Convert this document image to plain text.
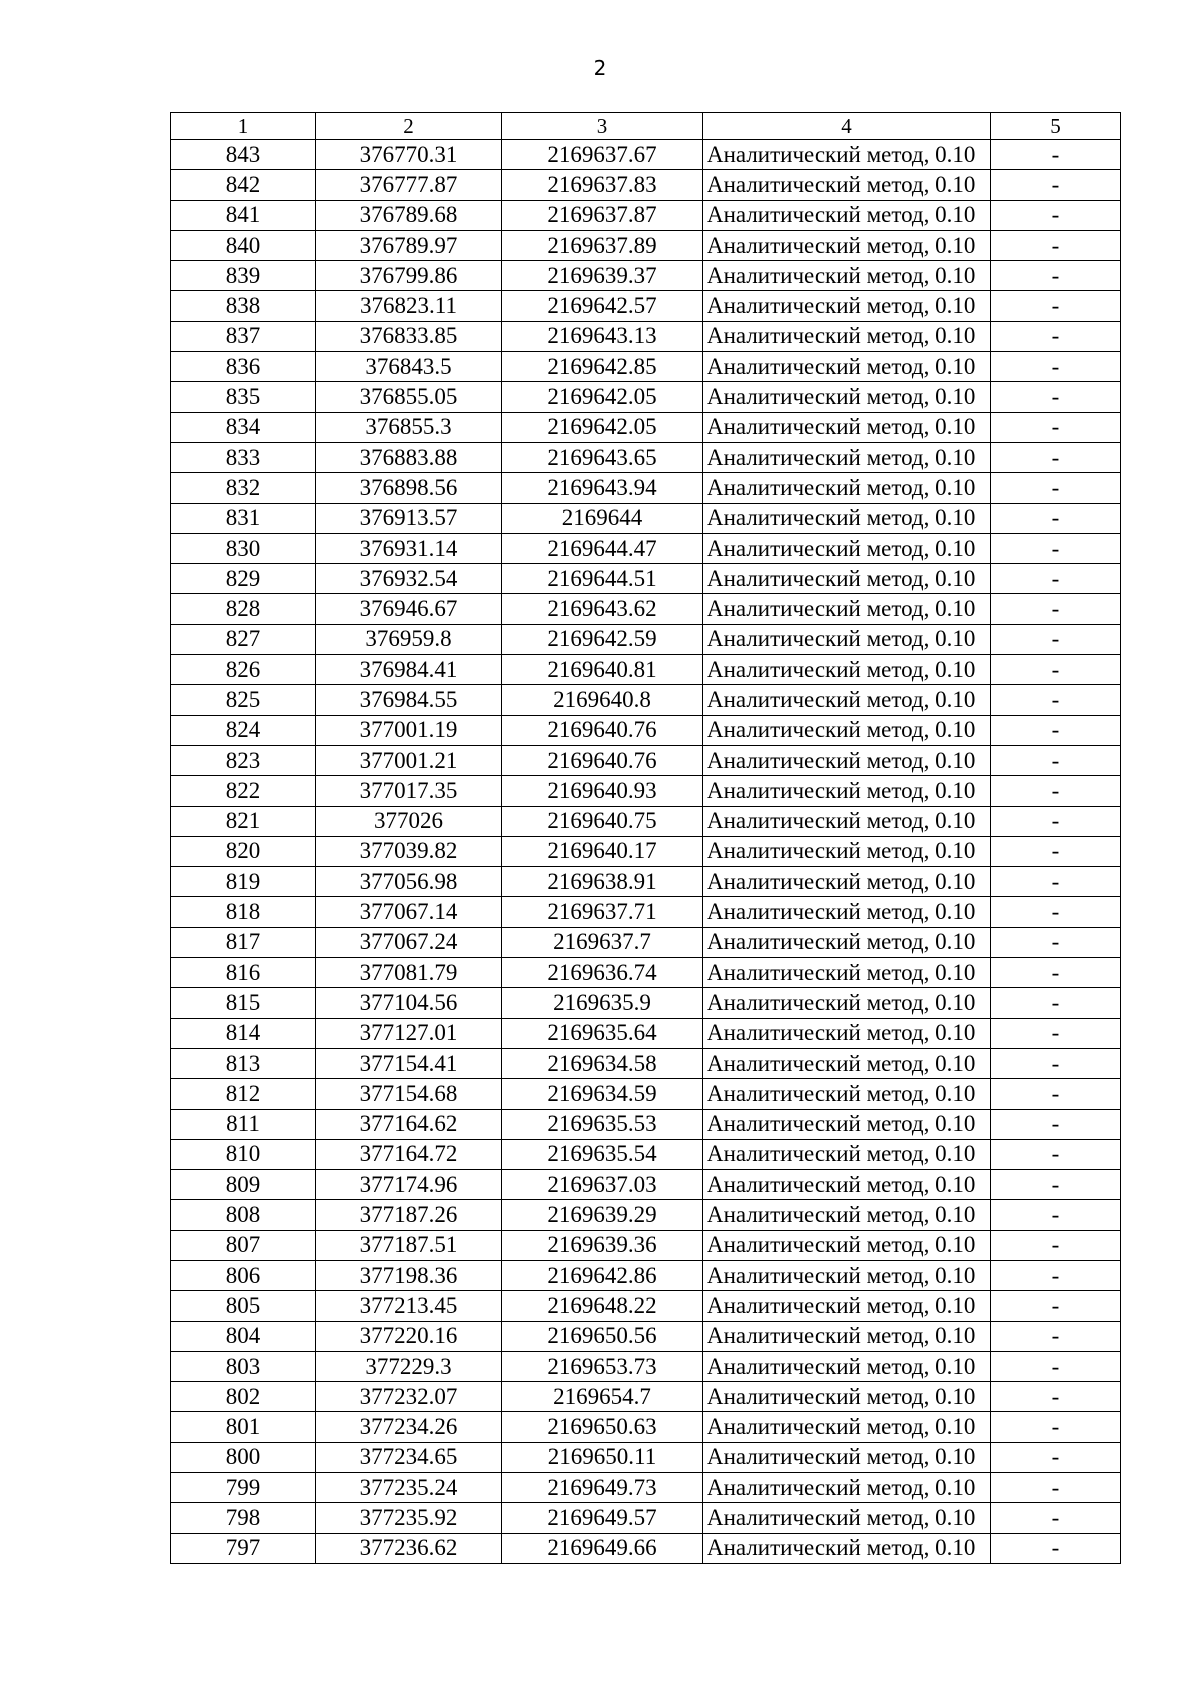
2
1	2	3	4	5
843	376770.31	2169637.67	Аналитический метод, 0.10	-
842	376777.87	2169637.83	Аналитический метод, 0.10	-
841	376789.68	2169637.87	Аналитический метод, 0.10	-
840	376789.97	2169637.89	Аналитический метод, 0.10	-
839	376799.86	2169639.37	Аналитический метод, 0.10	-
838	376823.11	2169642.57	Аналитический метод, 0.10	-
837	376833.85	2169643.13	Аналитический метод, 0.10	-
836	376843.5	2169642.85	Аналитический метод, 0.10	-
835	376855.05	2169642.05	Аналитический метод, 0.10	-
834	376855.3	2169642.05	Аналитический метод, 0.10	-
833	376883.88	2169643.65	Аналитический метод, 0.10	-
832	376898.56	2169643.94	Аналитический метод, 0.10	-
831	376913.57	2169644	Аналитический метод, 0.10	-
830	376931.14	2169644.47	Аналитический метод, 0.10	-
829	376932.54	2169644.51	Аналитический метод, 0.10	-
828	376946.67	2169643.62	Аналитический метод, 0.10	-
827	376959.8	2169642.59	Аналитический метод, 0.10	-
826	376984.41	2169640.81	Аналитический метод, 0.10	-
825	376984.55	2169640.8	Аналитический метод, 0.10	-
824	377001.19	2169640.76	Аналитический метод, 0.10	-
823	377001.21	2169640.76	Аналитический метод, 0.10	-
822	377017.35	2169640.93	Аналитический метод, 0.10	-
821	377026	2169640.75	Аналитический метод, 0.10	-
820	377039.82	2169640.17	Аналитический метод, 0.10	-
819	377056.98	2169638.91	Аналитический метод, 0.10	-
818	377067.14	2169637.71	Аналитический метод, 0.10	-
817	377067.24	2169637.7	Аналитический метод, 0.10	-
816	377081.79	2169636.74	Аналитический метод, 0.10	-
815	377104.56	2169635.9	Аналитический метод, 0.10	-
814	377127.01	2169635.64	Аналитический метод, 0.10	-
813	377154.41	2169634.58	Аналитический метод, 0.10	-
812	377154.68	2169634.59	Аналитический метод, 0.10	-
811	377164.62	2169635.53	Аналитический метод, 0.10	-
810	377164.72	2169635.54	Аналитический метод, 0.10	-
809	377174.96	2169637.03	Аналитический метод, 0.10	-
808	377187.26	2169639.29	Аналитический метод, 0.10	-
807	377187.51	2169639.36	Аналитический метод, 0.10	-
806	377198.36	2169642.86	Аналитический метод, 0.10	-
805	377213.45	2169648.22	Аналитический метод, 0.10	-
804	377220.16	2169650.56	Аналитический метод, 0.10	-
803	377229.3	2169653.73	Аналитический метод, 0.10	-
802	377232.07	2169654.7	Аналитический метод, 0.10	-
801	377234.26	2169650.63	Аналитический метод, 0.10	-
800	377234.65	2169650.11	Аналитический метод, 0.10	-
799	377235.24	2169649.73	Аналитический метод, 0.10	-
798	377235.92	2169649.57	Аналитический метод, 0.10	-
797	377236.62	2169649.66	Аналитический метод, 0.10	-
